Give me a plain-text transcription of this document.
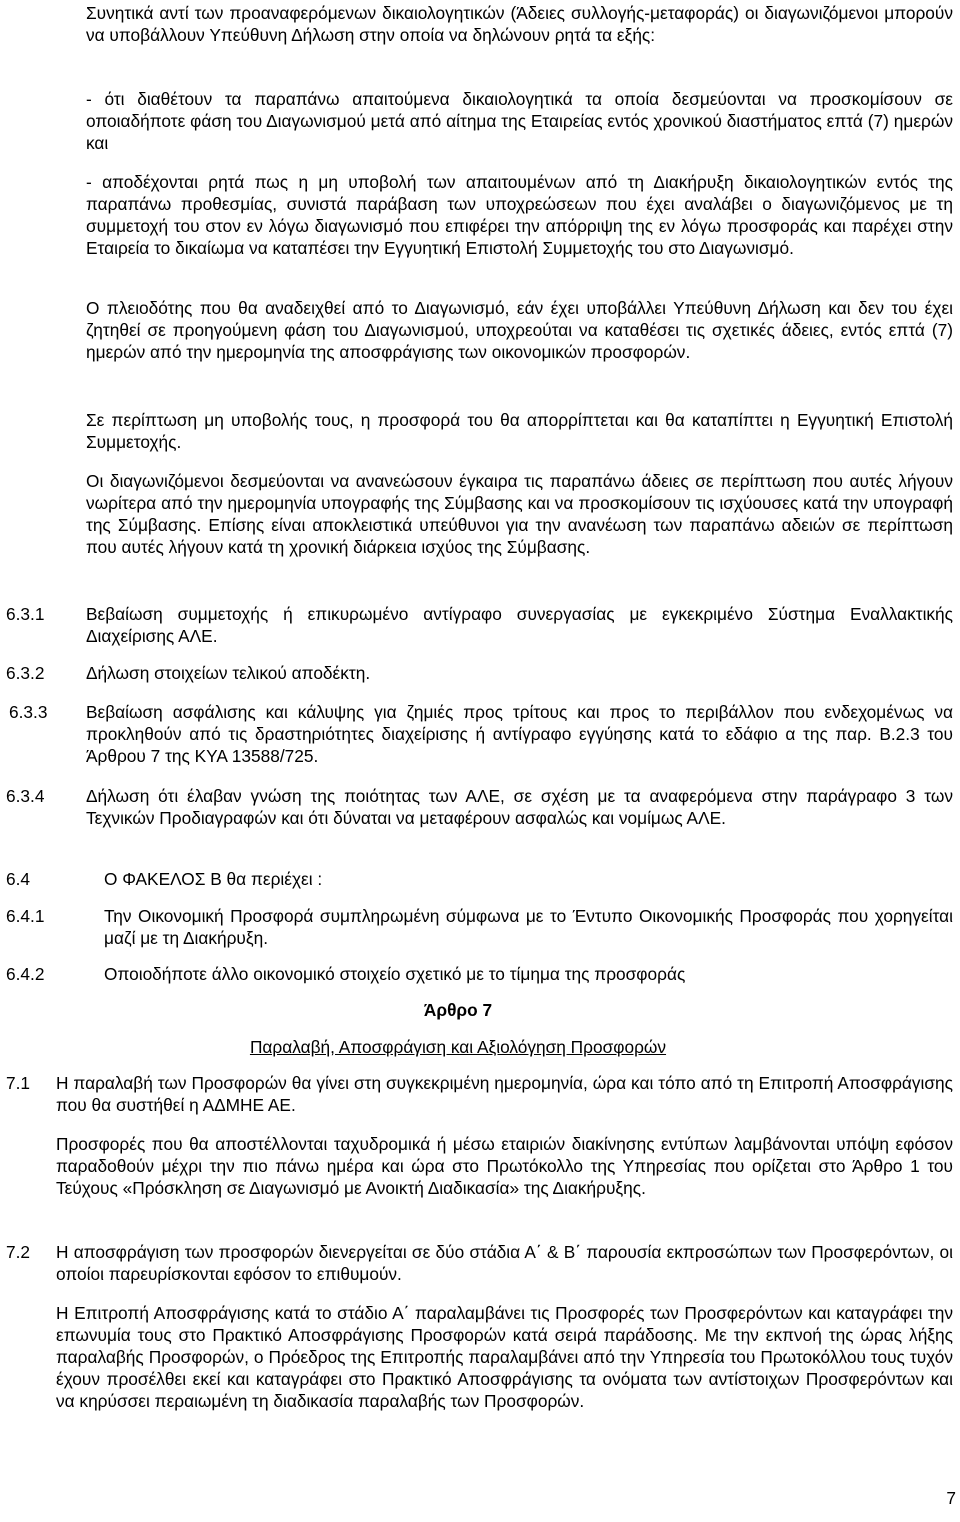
Συνητικά αντί των προαναφερόμενων δικαιολογητικών (Άδειες συλλογής-μεταφοράς) οι διαγωνιζόμενοι μπορούν να υποβάλλουν Υπεύθυνη Δήλωση στην οποία να δηλώνουν ρητά τα εξής:
- ότι διαθέτουν τα παραπάνω απαιτούμενα δικαιολογητικά τα οποία δεσμεύονται να προσκομίσουν σε οποιαδήποτε φάση του Διαγωνισμού μετά από αίτημα της Εταιρείας εντός χρονικού διαστήματος επτά (7) ημερών και
- αποδέχονται ρητά πως η μη υποβολή των απαιτουμένων από τη Διακήρυξη δικαιολογητικών εντός της παραπάνω προθεσμίας, συνιστά παράβαση των υποχρεώσεων που έχει αναλάβει ο διαγωνιζόμενος με τη συμμετοχή του στον εν λόγω διαγωνισμό που επιφέρει την απόρριψη της εν λόγω προσφοράς και παρέχει στην Εταιρεία το δικαίωμα να καταπέσει την Εγγυητική Επιστολή Συμμετοχής του στο Διαγωνισμό.
Ο πλειοδότης που θα αναδειχθεί από το Διαγωνισμό, εάν έχει υποβάλλει Υπεύθυνη Δήλωση και δεν του έχει ζητηθεί σε προηγούμενη φάση του Διαγωνισμού, υποχρεούται να καταθέσει τις σχετικές άδειες, εντός επτά (7) ημερών από την ημερομηνία της αποσφράγισης των οικονομικών προσφορών.
Σε περίπτωση μη υποβολής τους, η προσφορά του θα απορρίπτεται και θα καταπίπτει η Εγγυητική Επιστολή Συμμετοχής.
Οι διαγωνιζόμενοι δεσμεύονται να ανανεώσουν έγκαιρα τις παραπάνω άδειες σε περίπτωση που αυτές λήγουν νωρίτερα από την ημερομηνία υπογραφής της Σύμβασης και να προσκομίσουν τις ισχύουσες κατά την υπογραφή της Σύμβασης. Επίσης είναι αποκλειστικά υπεύθυνοι για την ανανέωση των παραπάνω αδειών σε περίπτωση που αυτές λήγουν κατά τη χρονική διάρκεια ισχύος της Σύμβασης.
6.3.1 Βεβαίωση συμμετοχής ή επικυρωμένο αντίγραφο συνεργασίας με εγκεκριμένο Σύστημα Εναλλακτικής Διαχείρισης ΑΛΕ.
6.3.2 Δήλωση στοιχείων τελικού αποδέκτη.
6.3.3 Βεβαίωση ασφάλισης και κάλυψης για ζημιές προς τρίτους και προς το περιβάλλον που ενδεχομένως να προκληθούν από τις δραστηριότητες διαχείρισης ή αντίγραφο εγγύησης κατά το εδάφιο α της παρ. Β.2.3 του Άρθρου 7 της ΚΥΑ 13588/725.
6.3.4 Δήλωση ότι έλαβαν γνώση της ποιότητας των ΑΛΕ, σε σχέση με τα αναφερόμενα στην παράγραφο 3 των Τεχνικών Προδιαγραφών και ότι δύναται να μεταφέρουν ασφαλώς και νομίμως ΑΛΕ.
6.4	Ο ΦΑΚΕΛΟΣ Β θα περιέχει :
6.4.1	Την Οικονομική Προσφορά συμπληρωμένη σύμφωνα με το Έντυπο Οικονομικής Προσφοράς που χορηγείται μαζί με τη Διακήρυξη.
6.4.2	Οποιοδήποτε άλλο οικονομικό στοιχείο σχετικό με το τίμημα της προσφοράς
Άρθρο 7
Παραλαβή, Αποσφράγιση και Αξιολόγηση Προσφορών
7.1 Η παραλαβή των Προσφορών θα γίνει στη συγκεκριμένη ημερομηνία, ώρα και τόπο από τη Επιτροπή Αποσφράγισης που θα συστήθεί η ΑΔΜΗΕ ΑΕ.
Προσφορές που θα αποστέλλονται ταχυδρομικά ή μέσω εταιριών διακίνησης εντύπων λαμβάνονται υπόψη εφόσον παραδοθούν μέχρι την πιο πάνω ημέρα και ώρα στο Πρωτόκολλο της Υπηρεσίας που ορίζεται στο Άρθρο 1 του Τεύχους «Πρόσκληση σε Διαγωνισμό με Ανοικτή Διαδικασία» της Διακήρυξης.
7.2 Η αποσφράγιση των προσφορών διενεργείται σε δύο στάδια Α΄ & Β΄ παρουσία εκπροσώπων των Προσφερόντων, οι οποίοι παρευρίσκονται εφόσον το επιθυμούν.
Η Επιτροπή Αποσφράγισης κατά το στάδιο Α΄ παραλαμβάνει τις Προσφορές των Προσφερόντων και καταγράφει την επωνυμία τους στο Πρακτικό Αποσφράγισης Προσφορών κατά σειρά παράδοσης. Με την εκπνοή της ώρας λήξης παραλαβής Προσφορών, ο Πρόεδρος της Επιτροπής παραλαμβάνει από την Υπηρεσία του Πρωτοκόλλου τους τυχόν έχουν προσέλθει εκεί και καταγράφει στο Πρακτικό Αποσφράγισης τα ονόματα των αντίστοιχων Προσφερόντων και να κηρύσσει περαιωμένη τη διαδικασία παραλαβής των Προσφορών.
7
